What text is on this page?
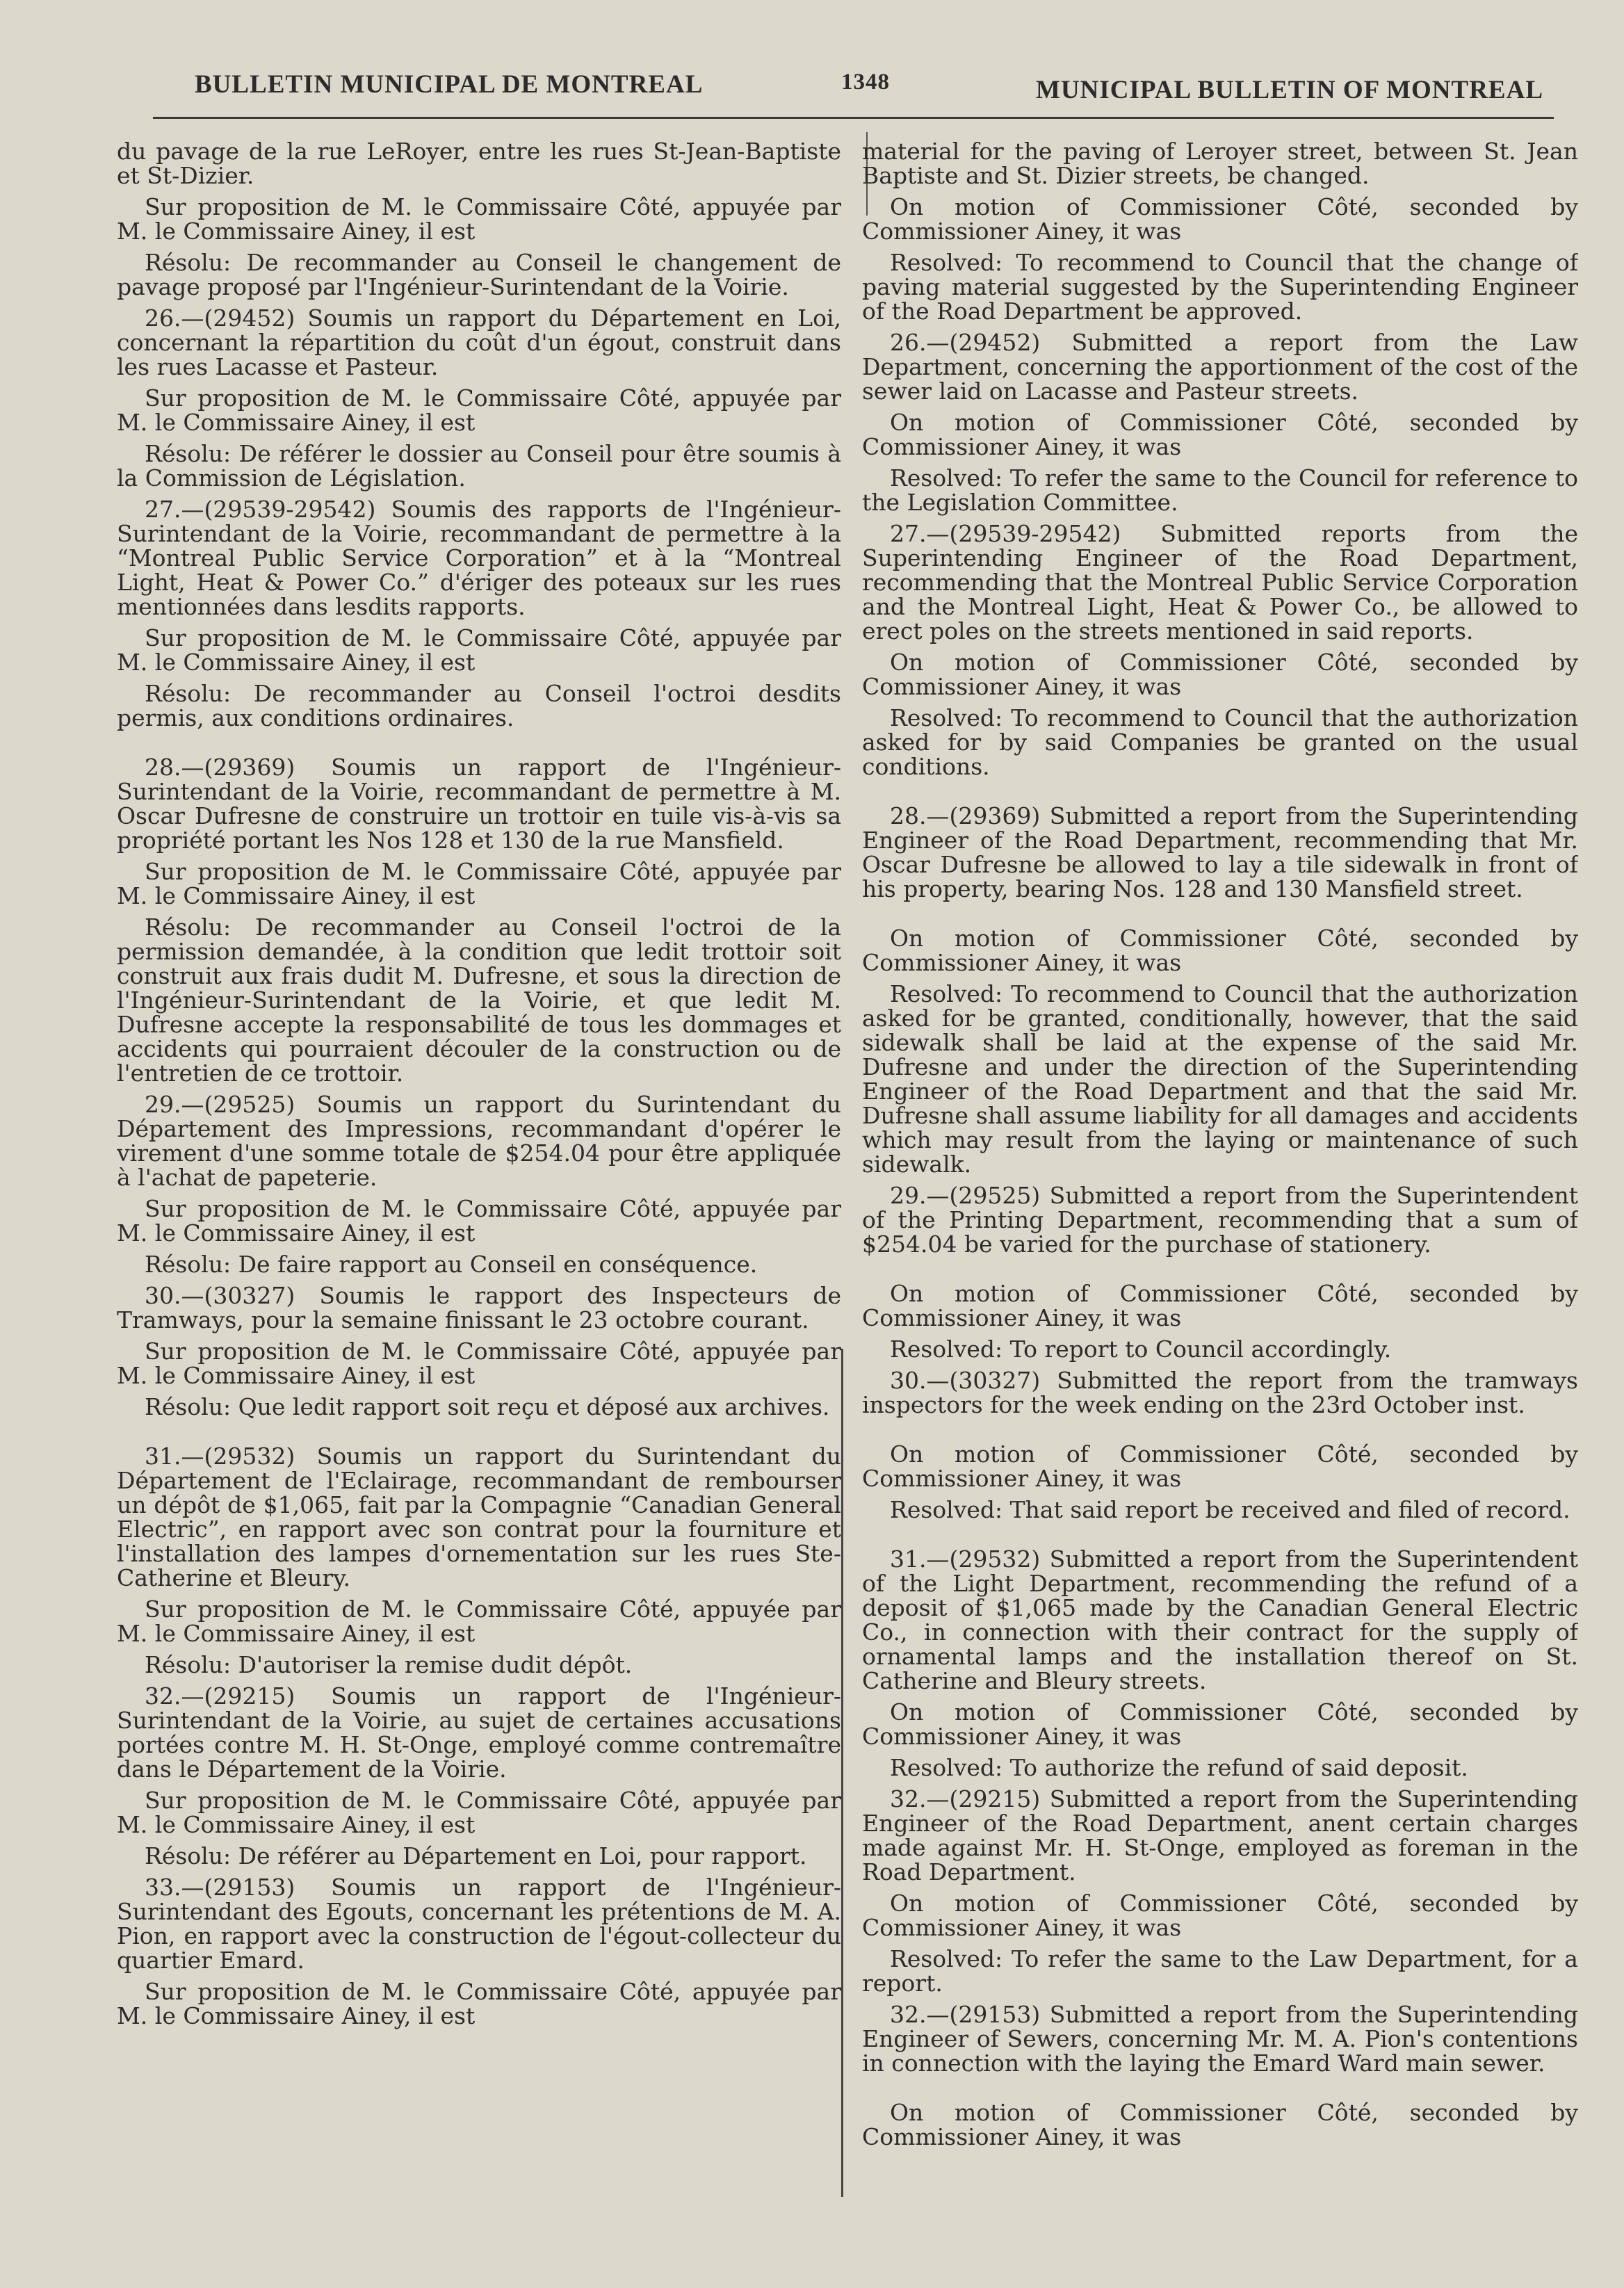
BULLETIN MUNICIPAL DE MONTREAL	1348	MUNICIPAL BULLETIN OF MONTREAL

du pavage de la rue LeRoyer, entre les rues St-Jean-Baptiste et St-Dizier.

Sur proposition de M. le Commissaire Côté, appuyée par M. le Commissaire Ainey, il est

Résolu: De recommander au Conseil le changement de pavage proposé par l'Ingénieur-Surintendant de la Voirie.

26.—(29452) Soumis un rapport du Département en Loi, concernant la répartition du coût d'un égout, construit dans les rues Lacasse et Pasteur.

Sur proposition de M. le Commissaire Côté, appuyée par M. le Commissaire Ainey, il est

Résolu: De référer le dossier au Conseil pour être soumis à la Commission de Législation.

27.—(29539-29542) Soumis des rapports de l'Ingénieur-Surintendant de la Voirie, recommandant de permettre à la “Montreal Public Service Corporation” et à la “Montreal Light, Heat & Power Co.” d'ériger des poteaux sur les rues mentionnées dans lesdits rapports.

Sur proposition de M. le Commissaire Côté, appuyée par M. le Commissaire Ainey, il est

Résolu: De recommander au Conseil l'octroi desdits permis, aux conditions ordinaires.

28.—(29369) Soumis un rapport de l'Ingénieur-Surintendant de la Voirie, recommandant de permettre à M. Oscar Dufresne de construire un trottoir en tuile vis-à-vis sa propriété portant les Nos 128 et 130 de la rue Mansfield.

Sur proposition de M. le Commissaire Côté, appuyée par M. le Commissaire Ainey, il est

Résolu: De recommander au Conseil l'octroi de la permission demandée, à la condition que ledit trottoir soit construit aux frais dudit M. Dufresne, et sous la direction de l'Ingénieur-Surintendant de la Voirie, et que ledit M. Dufresne accepte la responsabilité de tous les dommages et accidents qui pourraient découler de la construction ou de l'entretien de ce trottoir.

29.—(29525) Soumis un rapport du Surintendant du Département des Impressions, recommandant d'opérer le virement d'une somme totale de $254.04 pour être appliquée à l'achat de papeterie.

Sur proposition de M. le Commissaire Côté, appuyée par M. le Commissaire Ainey, il est

Résolu: De faire rapport au Conseil en conséquence.

30.—(30327) Soumis le rapport des Inspecteurs de Tramways, pour la semaine finissant le 23 octobre courant.

Sur proposition de M. le Commissaire Côté, appuyée par M. le Commissaire Ainey, il est

Résolu: Que ledit rapport soit reçu et déposé aux archives.

31.—(29532) Soumis un rapport du Surintendant du Département de l'Eclairage, recommandant de rembourser un dépôt de $1,065, fait par la Compagnie “Canadian General Electric”, en rapport avec son contrat pour la fourniture et l'installation des lampes d'ornementation sur les rues Ste-Catherine et Bleury.

Sur proposition de M. le Commissaire Côté, appuyée par M. le Commissaire Ainey, il est

Résolu: D'autoriser la remise dudit dépôt.

32.—(29215) Soumis un rapport de l'Ingénieur-Surintendant de la Voirie, au sujet de certaines accusations portées contre M. H. St-Onge, employé comme contremaître dans le Département de la Voirie.

Sur proposition de M. le Commissaire Côté, appuyée par M. le Commissaire Ainey, il est

Résolu: De référer au Département en Loi, pour rapport.

33.—(29153) Soumis un rapport de l'Ingénieur-Surintendant des Egouts, concernant les prétentions de M. A. Pion, en rapport avec la construction de l'égout-collecteur du quartier Emard.

Sur proposition de M. le Commissaire Côté, appuyée par M. le Commissaire Ainey, il est

material for the paving of Leroyer street, between St. Jean Baptiste and St. Dizier streets, be changed.

On motion of Commissioner Côté, seconded by Commissioner Ainey, it was

Resolved: To recommend to Council that the change of paving material suggested by the Superintending Engineer of the Road Department be approved.

26.—(29452) Submitted a report from the Law Department, concerning the apportionment of the cost of the sewer laid on Lacasse and Pasteur streets.

On motion of Commissioner Côté, seconded by Commissioner Ainey, it was

Resolved: To refer the same to the Council for reference to the Legislation Committee.

27.—(29539-29542) Submitted reports from the Superintending Engineer of the Road Department, recommending that the Montreal Public Service Corporation and the Montreal Light, Heat & Power Co., be allowed to erect poles on the streets mentioned in said reports.

On motion of Commissioner Côté, seconded by Commissioner Ainey, it was

Resolved: To recommend to Council that the authorization asked for by said Companies be granted on the usual conditions.

28.—(29369) Submitted a report from the Superintending Engineer of the Road Department, recommending that Mr. Oscar Dufresne be allowed to lay a tile sidewalk in front of his property, bearing Nos. 128 and 130 Mansfield street.

On motion of Commissioner Côté, seconded by Commissioner Ainey, it was

Resolved: To recommend to Council that the authorization asked for be granted, conditionally, however, that the said sidewalk shall be laid at the expense of the said Mr. Dufresne and under the direction of the Superintending Engineer of the Road Department and that the said Mr. Dufresne shall assume liability for all damages and accidents which may result from the laying or maintenance of such sidewalk.

29.—(29525) Submitted a report from the Superintendent of the Printing Department, recommending that a sum of $254.04 be varied for the purchase of stationery.

On motion of Commissioner Côté, seconded by Commissioner Ainey, it was

Resolved: To report to Council accordingly.

30.—(30327) Submitted the report from the tramways inspectors for the week ending on the 23rd October inst.

On motion of Commissioner Côté, seconded by Commissioner Ainey, it was

Resolved: That said report be received and filed of record.

31.—(29532) Submitted a report from the Superintendent of the Light Department, recommending the refund of a deposit of $1,065 made by the Canadian General Electric Co., in connection with their contract for the supply of ornamental lamps and the installation thereof on St. Catherine and Bleury streets.

On motion of Commissioner Côté, seconded by Commissioner Ainey, it was

Resolved: To authorize the refund of said deposit.

32.—(29215) Submitted a report from the Superintending Engineer of the Road Department, anent certain charges made against Mr. H. St-Onge, employed as foreman in the Road Department.

On motion of Commissioner Côté, seconded by Commissioner Ainey, it was

Resolved: To refer the same to the Law Department, for a report.

32.—(29153) Submitted a report from the Superintending Engineer of Sewers, concerning Mr. M. A. Pion's contentions in connection with the laying the Emard Ward main sewer.

On motion of Commissioner Côté, seconded by Commissioner Ainey, it was
